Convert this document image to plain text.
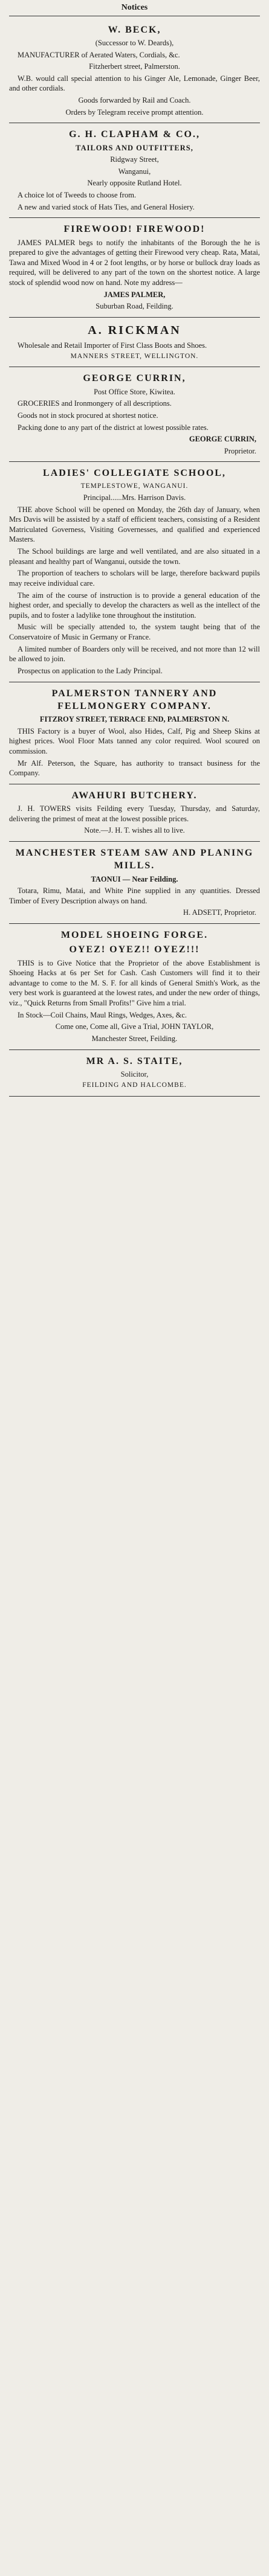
Notices

W. BECK,

(Successor to W. Deards),

MANUFACTURER of Aerated Waters, Cordials, &c.

Fitzherbert street, Palmerston.

W.B. would call special attention to his Ginger Ale, Lemonade, Ginger Beer, and other cordials.

Goods forwarded by Rail and Coach.

Orders by Telegram receive prompt attention.

G. H. CLAPHAM & CO.,

TAILORS AND OUTFITTERS,

Ridgway Street,

Wanganui,

Nearly opposite Rutland Hotel.

A choice lot of Tweeds to choose from.

A new and varied stock of Hats Ties, and General Hosiery.

FIREWOOD! FIREWOOD!

JAMES PALMER begs to notify the inhabitants of the Borough the he is prepared to give the advantages of getting their Firewood very cheap. Rata, Matai, Tawa and Mixed Wood in 4 or 2 foot lengths, or by horse or bullock dray loads as required, will be delivered to any part of the town on the shortest notice. A large stock of splendid wood now on hand. Note my address—

JAMES PALMER,

Suburban Road, Feilding.

A. RICKMAN

Wholesale and Retail Importer of First Class Boots and Shoes.

MANNERS STREET, WELLINGTON.

GEORGE CURRIN,

Post Office Store, Kiwitea.

GROCERIES and Ironmongery of all descriptions.

Goods not in stock procured at shortest notice.

Packing done to any part of the district at lowest possible rates.

GEORGE CURRIN,

Proprietor.

LADIES' COLLEGIATE SCHOOL,

TEMPLESTOWE, WANGANUI.

Principal......Mrs. Harrison Davis.

THE above School will be opened on Monday, the 26th day of January, when Mrs Davis will be assisted by a staff of efficient teachers, consisting of a Resident Matriculated Governess, Visiting Governesses, and qualified and experienced Masters.

The School buildings are large and well ventilated, and are also situated in a pleasant and healthy part of Wanganui, outside the town.

The proportion of teachers to scholars will be large, therefore backward pupils may receive individual care.

The aim of the course of instruction is to provide a general education of the highest order, and specially to develop the characters as well as the intellect of the pupils, and to foster a ladylike tone throughout the institution.

Music will be specially attended to, the system taught being that of the Conservatoire of Music in Germany or France.

A limited number of Boarders only will be received, and not more than 12 will be allowed to join.

Prospectus on application to the Lady Principal.

PALMERSTON TANNERY AND FELLMONGERY COMPANY.

FITZROY STREET, TERRACE END, PALMERSTON N.

THIS Factory is a buyer of Wool, also Hides, Calf, Pig and Sheep Skins at highest prices. Wool Floor Mats tanned any color required. Wool scoured on commission.

Mr Alf. Peterson, the Square, has authority to transact business for the Company.

AWAHURI BUTCHERY.

J. H. TOWERS visits Feilding every Tuesday, Thursday, and Saturday, delivering the primest of meat at the lowest possible prices.

Note.—J. H. T. wishes all to live.

MANCHESTER STEAM SAW AND PLANING MILLS.

TAONUI — Near Feilding.

Totara, Rimu, Matai, and White Pine supplied in any quantities. Dressed Timber of Every Description always on hand.

H. ADSETT, Proprietor.

MODEL SHOEING FORGE.

OYEZ! OYEZ!! OYEZ!!!

THIS is to Give Notice that the Proprietor of the above Establishment is Shoeing Hacks at 6s per Set for Cash. Cash Customers will find it to their advantage to come to the M. S. F. for all kinds of General Smith's Work, as the very best work is guaranteed at the lowest rates, and under the new order of things, viz., "Quick Returns from Small Profits!" Give him a trial.

In Stock—Coil Chains, Maul Rings, Wedges, Axes, &c.

Come one, Come all, Give a Trial, JOHN TAYLOR,

Manchester Street, Feilding.

MR A. S. STAITE,

Solicitor,

FEILDING AND HALCOMBE.
